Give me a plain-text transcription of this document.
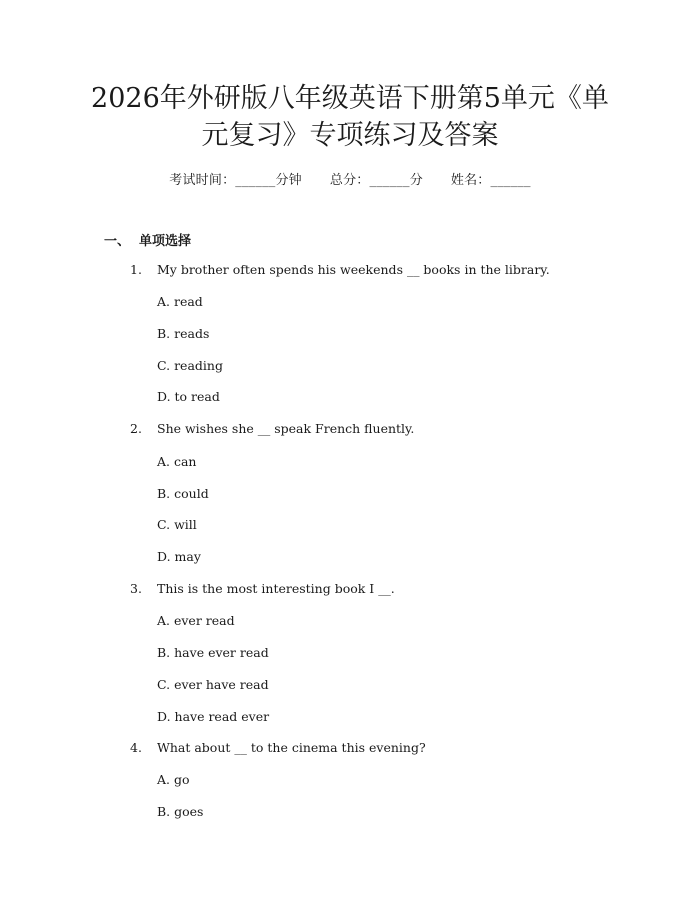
2026年外研版八年级英语下册第5单元《单
元复习》专项练习及答案
考试时间：______分钟 总分：______分 姓名：______
一、 单项选择
1. My brother often spends his weekends __ books in the library.
A. read
B. reads
C. reading
D. to read
2. She wishes she __ speak French fluently.
A. can
B. could
C. will
D. may
3. This is the most interesting book I __.
A. ever read
B. have ever read
C. ever have read
D. have read ever
4. What about __ to the cinema this evening?
A. go
B. goes
